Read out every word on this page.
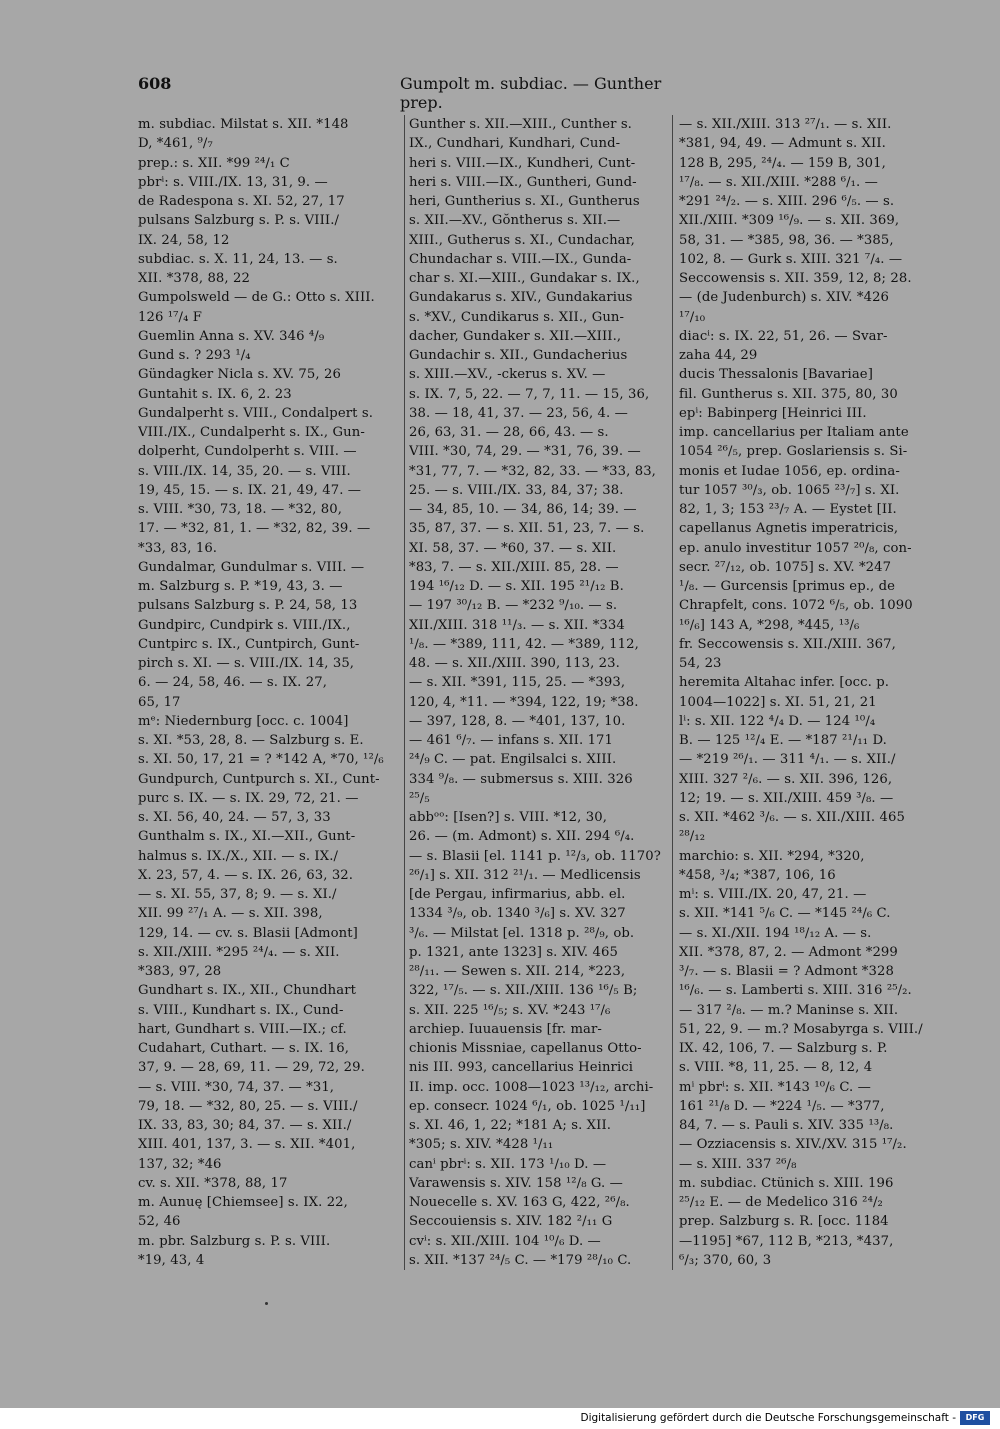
608	Gumpolt m. subdiac. — Gunther prep.
m. subdiac. Milstat s. XII. *148
D, *461, ⁹/₇
prep.: s. XII. *99 ²⁴/₁ C
pbrⁱ: s. VIII./IX. 13, 31, 9. —
de Radespona s. XI. 52, 27, 17
pulsans Salzburg s. P. s. VIII./
IX. 24, 58, 12
subdiac. s. X. 11, 24, 13. — s.
XII. *378, 88, 22
Gumpolsweld — de G.: Otto s. XIII.
126 ¹⁷/₄ F
Guemlin Anna s. XV. 346 ⁴/₉
Gund s. ? 293 ¹/₄
Gündagker Nicla s. XV. 75, 26
Guntahit s. IX. 6, 2. 23
Gundalperht s. VIII., Condalpert s.
VIII./IX., Cundalperht s. IX., Gun-
dolperht, Cundolperht s. VIII. —
s. VIII./IX. 14, 35, 20. — s. VIII.
19, 45, 15. — s. IX. 21, 49, 47. —
s. VIII. *30, 73, 18. — *32, 80,
17. — *32, 81, 1. — *32, 82, 39. —
*33, 83, 16.
Gundalmar, Gundulmar s. VIII. —
m. Salzburg s. P. *19, 43, 3. —
pulsans Salzburg s. P. 24, 58, 13
Gundpirc, Cundpirk s. VIII./IX.,
Cuntpirc s. IX., Cuntpirch, Gunt-
pirch s. XI. — s. VIII./IX. 14, 35,
6. — 24, 58, 46. — s. IX. 27,
65, 17
mᵉ: Niedernburg [occ. c. 1004]
s. XI. *53, 28, 8. — Salzburg s. E.
s. XI. 50, 17, 21 = ? *142 A, *70, ¹²/₆
Gundpurch, Cuntpurch s. XI., Cunt-
purc s. IX. — s. IX. 29, 72, 21. —
s. XI. 56, 40, 24. — 57, 3, 33
Gunthalm s. IX., XI.—XII., Gunt-
halmus s. IX./X., XII. — s. IX./
X. 23, 57, 4. — s. IX. 26, 63, 32.
— s. XI. 55, 37, 8; 9. — s. XI./
XII. 99 ²⁷/₁ A. — s. XII. 398,
129, 14. — cv. s. Blasii [Admont]
s. XII./XIII. *295 ²⁴/₄. — s. XII.
*383, 97, 28
Gundhart s. IX., XII., Chundhart
s. VIII., Kundhart s. IX., Cund-
hart, Gundhart s. VIII.—IX.; cf.
Cudahart, Cuthart. — s. IX. 16,
37, 9. — 28, 69, 11. — 29, 72, 29.
— s. VIII. *30, 74, 37. — *31,
79, 18. — *32, 80, 25. — s. VIII./
IX. 33, 83, 30; 84, 37. — s. XII./
XIII. 401, 137, 3. — s. XII. *401,
137, 32; *46
cv. s. XII. *378, 88, 17
m. Aunuę [Chiemsee] s. IX. 22,
52, 46
m. pbr. Salzburg s. P. s. VIII.
*19, 43, 4
Gunther s. XII.—XIII., Cunther s.
IX., Cundhari, Kundhari, Cund-
heri s. VIII.—IX., Kundheri, Cunt-
heri s. VIII.—IX., Guntheri, Gund-
heri, Guntherius s. XI., Guntherus
s. XII.—XV., Gŏntherus s. XII.—
XIII., Gutherus s. XI., Cundachar,
Chundachar s. VIII.—IX., Gunda-
char s. XI.—XIII., Gundakar s. IX.,
Gundakarus s. XIV., Gundakarius
s. *XV., Cundikarus s. XII., Gun-
dacher, Gundaker s. XII.—XIII.,
Gundachir s. XII., Gundacherius
s. XIII.—XV., -ckerus s. XV. —
s. IX. 7, 5, 22. — 7, 7, 11. — 15, 36,
38. — 18, 41, 37. — 23, 56, 4. —
26, 63, 31. — 28, 66, 43. — s.
VIII. *30, 74, 29. — *31, 76, 39. —
*31, 77, 7. — *32, 82, 33. — *33, 83,
25. — s. VIII./IX. 33, 84, 37; 38.
— 34, 85, 10. — 34, 86, 14; 39. —
35, 87, 37. — s. XII. 51, 23, 7. — s.
XI. 58, 37. — *60, 37. — s. XII.
*83, 7. — s. XII./XIII. 85, 28. —
194 ¹⁶/₁₂ D. — s. XII. 195 ²¹/₁₂ B.
— 197 ³⁰/₁₂ B. — *232 ⁹/₁₀. — s.
XII./XIII. 318 ¹¹/₃. — s. XII. *334
¹/₈. — *389, 111, 42. — *389, 112,
48. — s. XII./XIII. 390, 113, 23.
— s. XII. *391, 115, 25. — *393,
120, 4, *11. — *394, 122, 19; *38.
— 397, 128, 8. — *401, 137, 10.
— 461 ⁶/₇. — infans s. XII. 171
²⁴/₉ C. — pat. Engilsalci s. XIII.
334 ⁹/₈. — submersus s. XIII. 326
²⁵/₅
abbᵒᵒ: [Isen?] s. VIII. *12, 30,
26. — (m. Admont) s. XII. 294 ⁶/₄.
— s. Blasii [el. 1141 p. ¹²/₃, ob. 1170?
²⁶/₁] s. XII. 312 ²¹/₁. — Medlicensis
[de Pergau, infirmarius, abb. el.
1334 ³/₉, ob. 1340 ³/₆] s. XV. 327
³/₆. — Milstat [el. 1318 p. ²⁸/₉, ob.
p. 1321, ante 1323] s. XIV. 465
²⁸/₁₁. — Sewen s. XII. 214, *223,
322, ¹⁷/₅. — s. XII./XIII. 136 ¹⁶/₅ B;
s. XII. 225 ¹⁶/₅; s. XV. *243 ¹⁷/₆
archiep. Iuuauensis [fr. mar-
chionis Missniae, capellanus Otto-
nis III. 993, cancellarius Heinrici
II. imp. occ. 1008—1023 ¹³/₁₂, archi-
ep. consecr. 1024 ⁶/₁, ob. 1025 ¹/₁₁]
s. XI. 46, 1, 22; *181 A; s. XII.
*305; s. XIV. *428 ¹/₁₁
canⁱ pbrⁱ: s. XII. 173 ¹/₁₀ D. —
Varawensis s. XIV. 158 ¹²/₈ G. —
Nouecelle s. XV. 163 G, 422, ²⁶/₈.
Seccouiensis s. XIV. 182 ²/₁₁ G
cvⁱ: s. XII./XIII. 104 ¹⁰/₆ D. —
s. XII. *137 ²⁴/₅ C. — *179 ²⁸/₁₀ C.
— s. XII./XIII. 313 ²⁷/₁. — s. XII.
*381, 94, 49. — Admunt s. XII.
128 B, 295, ²⁴/₄. — 159 B, 301,
¹⁷/₈. — s. XII./XIII. *288 ⁶/₁. —
*291 ²⁴/₂. — s. XIII. 296 ⁶/₅. — s.
XII./XIII. *309 ¹⁶/₉. — s. XII. 369,
58, 31. — *385, 98, 36. — *385,
102, 8. — Gurk s. XIII. 321 ⁷/₄. —
Seccowensis s. XII. 359, 12, 8; 28.
— (de Judenburch) s. XIV. *426
¹⁷/₁₀
diacⁱ: s. IX. 22, 51, 26. — Svar-
zaha 44, 29
ducis Thessalonis [Bavariae]
fil. Guntherus s. XII. 375, 80, 30
epⁱ: Babinperg [Heinrici III.
imp. cancellarius per Italiam ante
1054 ²⁶/₅, prep. Goslariensis s. Si-
monis et Iudae 1056, ep. ordina-
tur 1057 ³⁰/₃, ob. 1065 ²³/₇] s. XI.
82, 1, 3; 153 ²³/₇ A. — Eystet [II.
capellanus Agnetis imperatricis,
ep. anulo investitur 1057 ²⁰/₈, con-
secr. ²⁷/₁₂, ob. 1075] s. XV. *247
¹/₈. — Gurcensis [primus ep., de
Chrapfelt, cons. 1072 ⁶/₅, ob. 1090
¹⁶/₆] 143 A, *298, *445, ¹³/₆
fr. Seccowensis s. XII./XIII. 367,
54, 23
heremita Altahac infer. [occ. p.
1004—1022] s. XI. 51, 21, 21
lⁱ: s. XII. 122 ⁴/₄ D. — 124 ¹⁰/₄
B. — 125 ¹²/₄ E. — *187 ²¹/₁₁ D.
— *219 ²⁶/₁. — 311 ⁴/₁. — s. XII./
XIII. 327 ²/₆. — s. XII. 396, 126,
12; 19. — s. XII./XIII. 459 ³/₈. —
s. XII. *462 ³/₆. — s. XII./XIII. 465
²⁸/₁₂
marchio: s. XII. *294, *320,
*458, ³/₄; *387, 106, 16
mⁱ: s. VIII./IX. 20, 47, 21. —
s. XII. *141 ⁵/₆ C. — *145 ²⁴/₆ C.
— s. XI./XII. 194 ¹⁸/₁₂ A. — s.
XII. *378, 87, 2. — Admont *299
³/₇. — s. Blasii = ? Admont *328
¹⁶/₆. — s. Lamberti s. XIII. 316 ²⁵/₂.
— 317 ²/₈. — m.? Maninse s. XII.
51, 22, 9. — m.? Mosabyrga s. VIII./
IX. 42, 106, 7. — Salzburg s. P.
s. VIII. *8, 11, 25. — 8, 12, 4
mⁱ pbrⁱ: s. XII. *143 ¹⁰/₆ C. —
161 ²¹/₈ D. — *224 ¹/₅. — *377,
84, 7. — s. Pauli s. XIV. 335 ¹³/₈.
— Ozziacensis s. XIV./XV. 315 ¹⁷/₂.
— s. XIII. 337 ²⁶/₈
m. subdiac. Ctünich s. XIII. 196
²⁵/₁₂ E. — de Medelico 316 ²⁴/₂
prep. Salzburg s. R. [occ. 1184
—1195] *67, 112 B, *213, *437,
⁶/₃; 370, 60, 3
Digitalisierung gefördert durch die Deutsche Forschungsgemeinschaft -	DFG
